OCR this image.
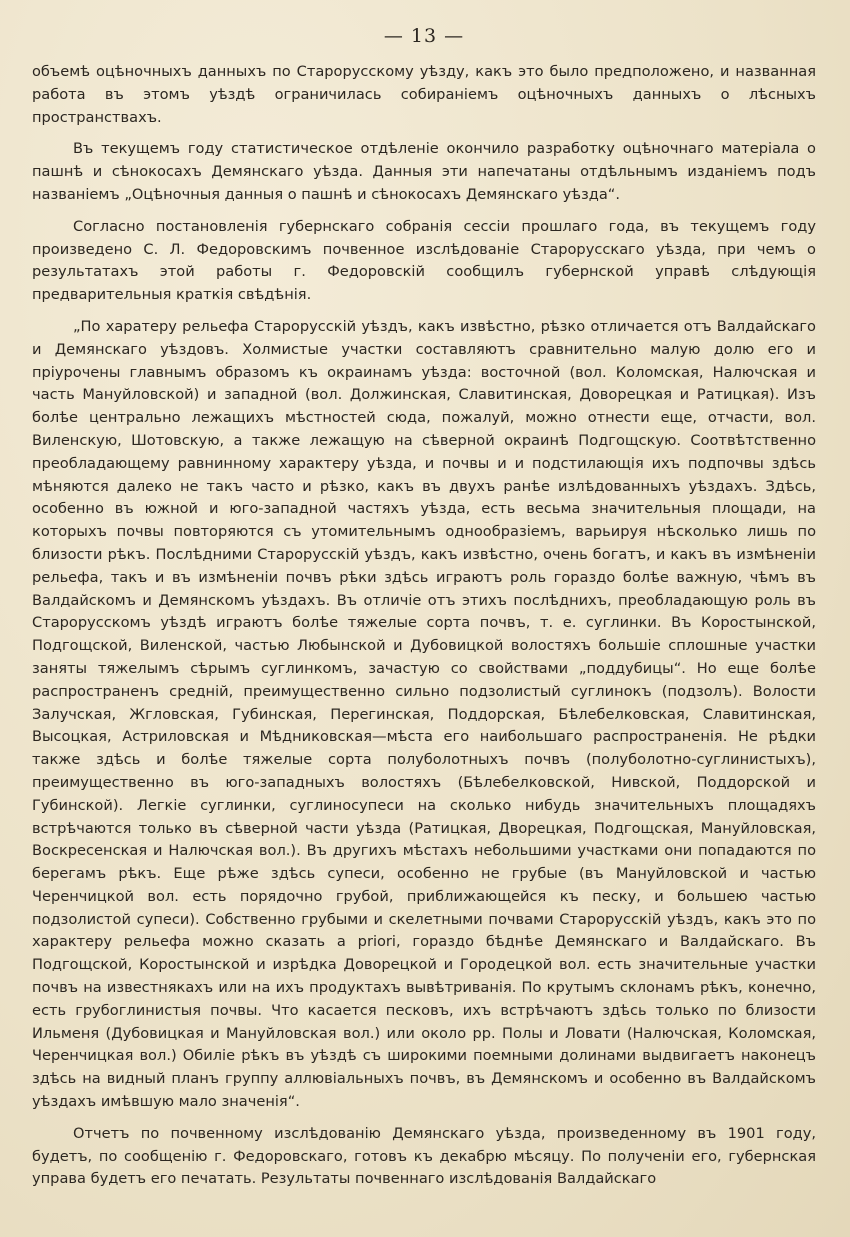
— 13 —

объемѣ оцѣночныхъ данныхъ по Старорусскому уѣзду, какъ это было предположено, и названная работа въ этомъ уѣздѣ ограничилась собираніемъ оцѣночныхъ данныхъ о лѣсныхъ пространствахъ.

Въ текущемъ году статистическое отдѣленіе окончило разработку оцѣночнаго матеріала о пашнѣ и сѣнокосахъ Демянскаго уѣзда. Данныя эти напечатаны отдѣльнымъ изданіемъ подъ названіемъ „Оцѣночныя данныя о пашнѣ и сѣнокосахъ Демянскаго уѣзда“.

Согласно постановленія губернскаго собранія сессіи прошлаго года, въ текущемъ году произведено С. Л. Федоровскимъ почвенное изслѣдованіе Старорусскаго уѣзда, при чемъ о результатахъ этой работы г. Федоровскій сообщилъ губернской управѣ слѣдующія предварительныя краткія свѣдѣнія.

„По харатеру рельефа Старорусскій уѣздъ, какъ извѣстно, рѣзко отличается отъ Валдайскаго и Демянскаго уѣздовъ. Холмистые участки составляютъ сравнительно малую долю его и пріурочены главнымъ образомъ къ окраинамъ уѣзда: восточной (вол. Коломская, Налючская и часть Мануйловской) и западной (вол. Должинская, Славитинская, Доворецкая и Ратицкая). Изъ болѣе центрально лежащихъ мѣстностей сюда, пожалуй, можно отнести еще, отчасти, вол. Виленскую, Шотовскую, а также лежащую на сѣверной окраинѣ Подгощскую. Соотвѣтственно преобладающему равнинному характеру уѣзда, и почвы и и подстилающія ихъ подпочвы здѣсь мѣняются далеко не такъ часто и рѣзко, какъ въ двухъ ранѣе излѣдованныхъ уѣздахъ. Здѣсь, особенно въ южной и юго-западной частяхъ уѣзда, есть весьма значительныя площади, на которыхъ почвы повторяются съ утомительнымъ однообразіемъ, варьируя нѣсколько лишь по близости рѣкъ. Послѣдними Старорусскій уѣздъ, какъ извѣстно, очень богатъ, и какъ въ измѣненіи рельефа, такъ и въ измѣненіи почвъ рѣки здѣсь играютъ роль гораздо болѣе важную, чѣмъ въ Валдайскомъ и Демянскомъ уѣздахъ. Въ отличіе отъ этихъ послѣднихъ, преобладающую роль въ Старорусскомъ уѣздѣ играютъ болѣе тяжелые сорта почвъ, т. е. суглинки. Въ Коростынской, Подгощской, Виленской, частью Любынской и Дубовицкой волостяхъ большіе сплошные участки заняты тяжелымъ сѣрымъ суглинкомъ, зачастую со свойствами „поддубицы“. Но еще болѣе распространенъ средній, преимущественно сильно подзолистый суглинокъ (подзолъ). Волости Залучская, Жгловская, Губинская, Перегинская, Поддорская, Бѣлебелковская, Славитинская, Высоцкая, Астриловская и Мѣдниковская—мѣста его наибольшаго распространенія. Не рѣдки также здѣсь и болѣе тяжелые сорта полуболотныхъ почвъ (полуболотно-суглинистыхъ), преимущественно въ юго-западныхъ волостяхъ (Бѣлебелковской, Нивской, Поддорской и Губинской). Легкіе суглинки, суглиносупеси на сколько нибудь значительныхъ площадяхъ встрѣчаются только въ сѣверной части уѣзда (Ратицкая, Дворецкая, Подгощская, Мануйловская, Воскресенская и Налючская вол.). Въ другихъ мѣстахъ небольшими участками они попадаются по берегамъ рѣкъ. Еще рѣже здѣсь супеси, особенно не грубые (въ Мануйловской и частью Черенчицкой вол. есть порядочно грубой, приближающейся къ песку, и большею частью подзолистой супеси). Собственно грубыми и скелетными почвами Старорусскій уѣздъ, какъ это по характеру рельефа можно сказать a priori, гораздо бѣднѣе Демянскаго и Валдайскаго. Въ Подгощской, Коростынской и изрѣдка Доворецкой и Городецкой вол. есть значительные участки почвъ на известнякахъ или на ихъ продуктахъ вывѣтриванія. По крутымъ склонамъ рѣкъ, конечно, есть грубоглинистыя почвы. Что касается песковъ, ихъ встрѣчаютъ здѣсь только по близости Ильменя (Дубовицкая и Мануйловская вол.) или около рр. Полы и Ловати (Налючская, Коломская, Черенчицкая вол.) Обиліе рѣкъ въ уѣздѣ съ широкими поемными долинами выдвигаетъ наконецъ здѣсь на видный планъ группу аллювіальныхъ почвъ, въ Демянскомъ и особенно въ Валдайскомъ уѣздахъ имѣвшую мало значенія“.

Отчетъ по почвенному изслѣдованію Демянскаго уѣзда, произведенному въ 1901 году, будетъ, по сообщенію г. Федоровскаго, готовъ къ декабрю мѣсяцу. По полученіи его, губернская управа будетъ его печатать. Результаты почвеннаго изслѣдованія Валдайскаго
